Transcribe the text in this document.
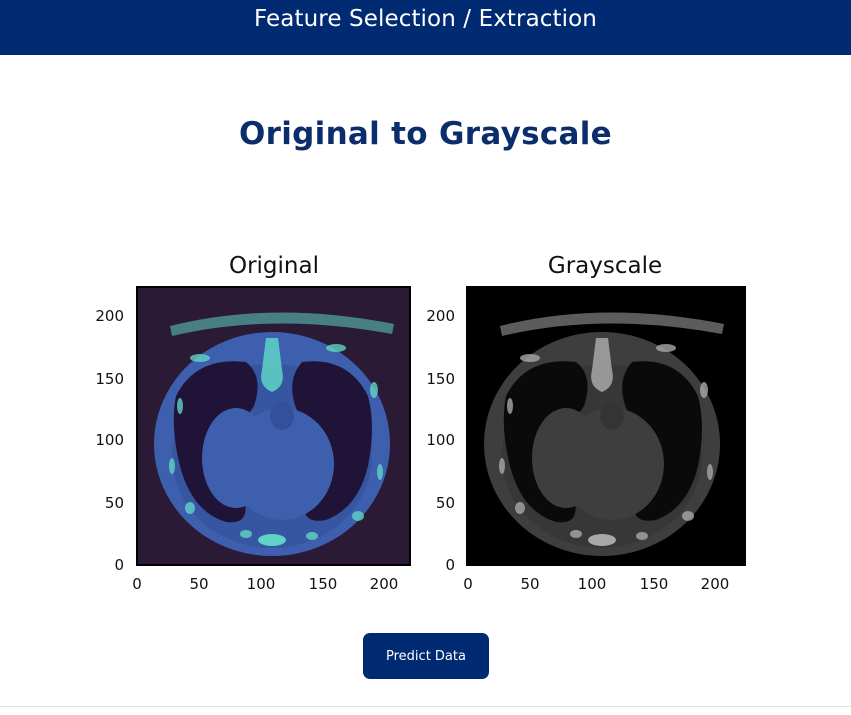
Feature Selection / Extraction
Original to Grayscale
Original	Grayscale
200
150
100
50
0
0	50	100	150	200
200
150
100
50
0
0	50	100	150	200
Predict Data
